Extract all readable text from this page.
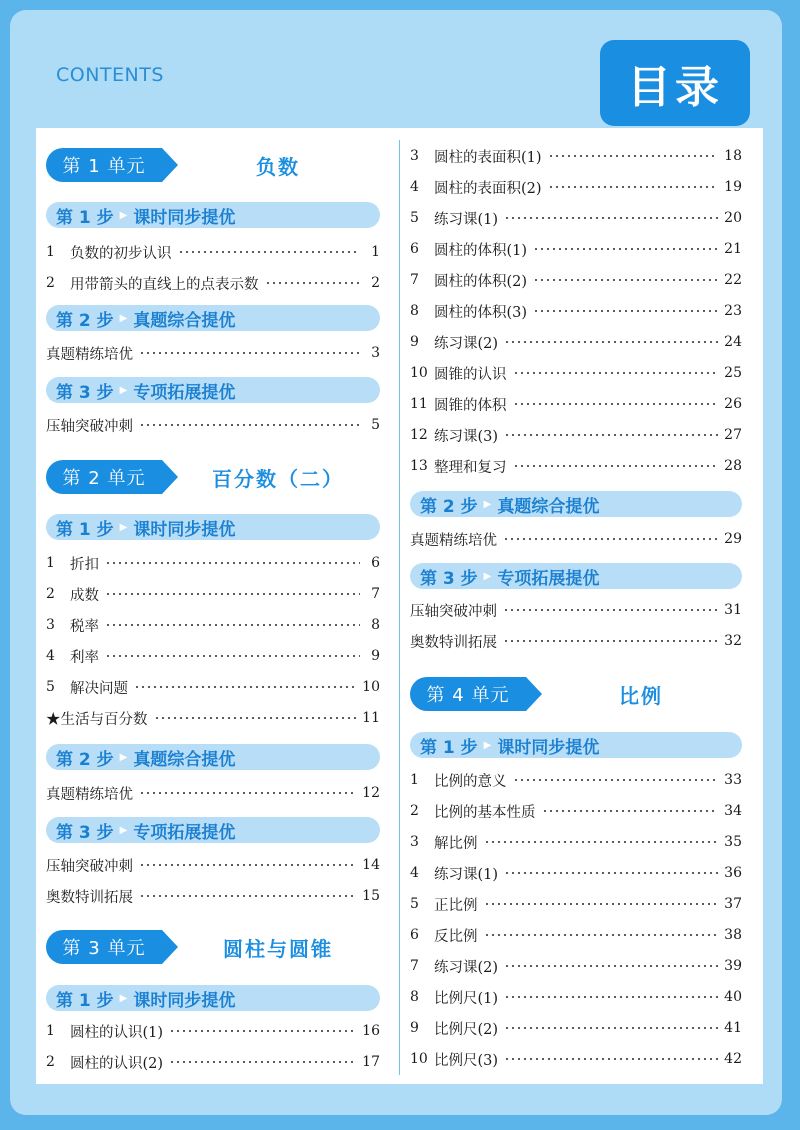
CONTENTS	目录
第 1 单元	负数
第 1 步 ▶ 课时同步提优
1	负数的初步认识	1
2	用带箭头的直线上的点表示数	2
第 2 步 ▶ 真题综合提优
真题精练培优	3
第 3 步 ▶ 专项拓展提优
压轴突破冲刺	5
第 2 单元	百分数（二）
第 1 步 ▶ 课时同步提优
1	折扣	6
2	成数	7
3	税率	8
4	利率	9
5	解决问题	10
★生活与百分数	11
第 2 步 ▶ 真题综合提优
真题精练培优	12
第 3 步 ▶ 专项拓展提优
压轴突破冲刺	14
奥数特训拓展	15
第 3 单元	圆柱与圆锥
第 1 步 ▶ 课时同步提优
1	圆柱的认识(1)	16
2	圆柱的认识(2)	17
3	圆柱的表面积(1)	18
4	圆柱的表面积(2)	19
5	练习课(1)	20
6	圆柱的体积(1)	21
7	圆柱的体积(2)	22
8	圆柱的体积(3)	23
9	练习课(2)	24
10 圆锥的认识	25
11 圆锥的体积	26
12 练习课(3)	27
13 整理和复习	28
第 2 步 ▶ 真题综合提优
真题精练培优	29
第 3 步 ▶ 专项拓展提优
压轴突破冲刺	31
奥数特训拓展	32
第 4 单元	比例
第 1 步 ▶ 课时同步提优
1	比例的意义	33
2	比例的基本性质	34
3	解比例	35
4	练习课(1)	36
5	正比例	37
6	反比例	38
7	练习课(2)	39
8	比例尺(1)	40
9	比例尺(2)	41
10 比例尺(3)	42
